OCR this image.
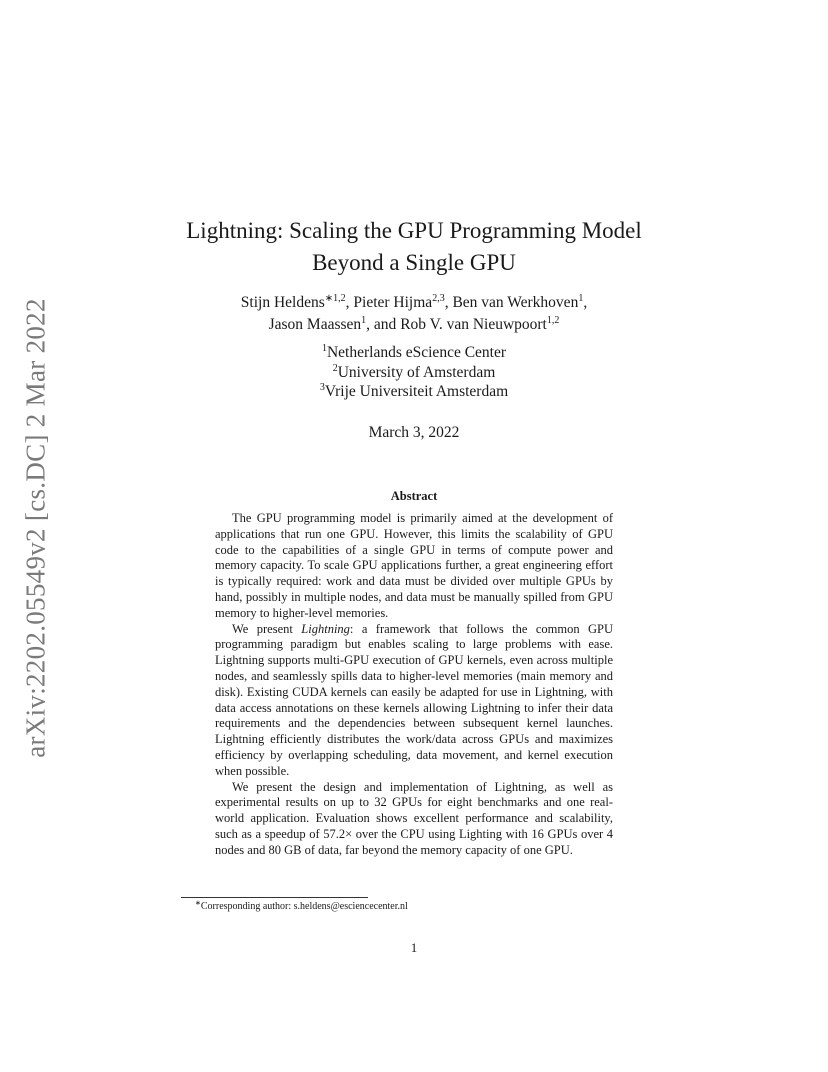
arXiv:2202.05549v2 [cs.DC] 2 Mar 2022
Lightning: Scaling the GPU Programming Model
Beyond a Single GPU
Stijn Heldens$^{∗1,2}$, Pieter Hijma$^{2,3}$, Ben van Werkhoven$^1$,
Jason Maassen$^1$, and Rob V. van Nieuwpoort$^{1,2}$
$^1$Netherlands eScience Center
$^2$University of Amsterdam
$^3$Vrije Universiteit Amsterdam
March 3, 2022
Abstract

The GPU programming model is primarily aimed at the development of applications that run one GPU. However, this limits the scalability of GPU code to the capabilities of a single GPU in terms of compute power and memory capacity. To scale GPU applications further, a great engineering effort is typically required: work and data must be divided over multiple GPUs by hand, possibly in multiple nodes, and data must be manually spilled from GPU memory to higher-level memories.

We present Lightning: a framework that follows the common GPU programming paradigm but enables scaling to large problems with ease. Lightning supports multi-GPU execution of GPU kernels, even across multiple nodes, and seamlessly spills data to higher-level memories (main memory and disk). Existing CUDA kernels can easily be adapted for use in Lightning, with data access annotations on these kernels allowing Lightning to infer their data requirements and the dependencies between subsequent kernel launches. Lightning efficiently distributes the work/data across GPUs and maximizes efficiency by overlapping scheduling, data movement, and kernel execution when possible.

We present the design and implementation of Lightning, as well as experimental results on up to 32 GPUs for eight benchmarks and one real-world application. Evaluation shows excellent performance and scalability, such as a speedup of 57.2× over the CPU using Lighting with 16 GPUs over 4 nodes and 80 GB of data, far beyond the memory capacity of one GPU.

∗Corresponding author: s.heldens@esciencecenter.nl
1
